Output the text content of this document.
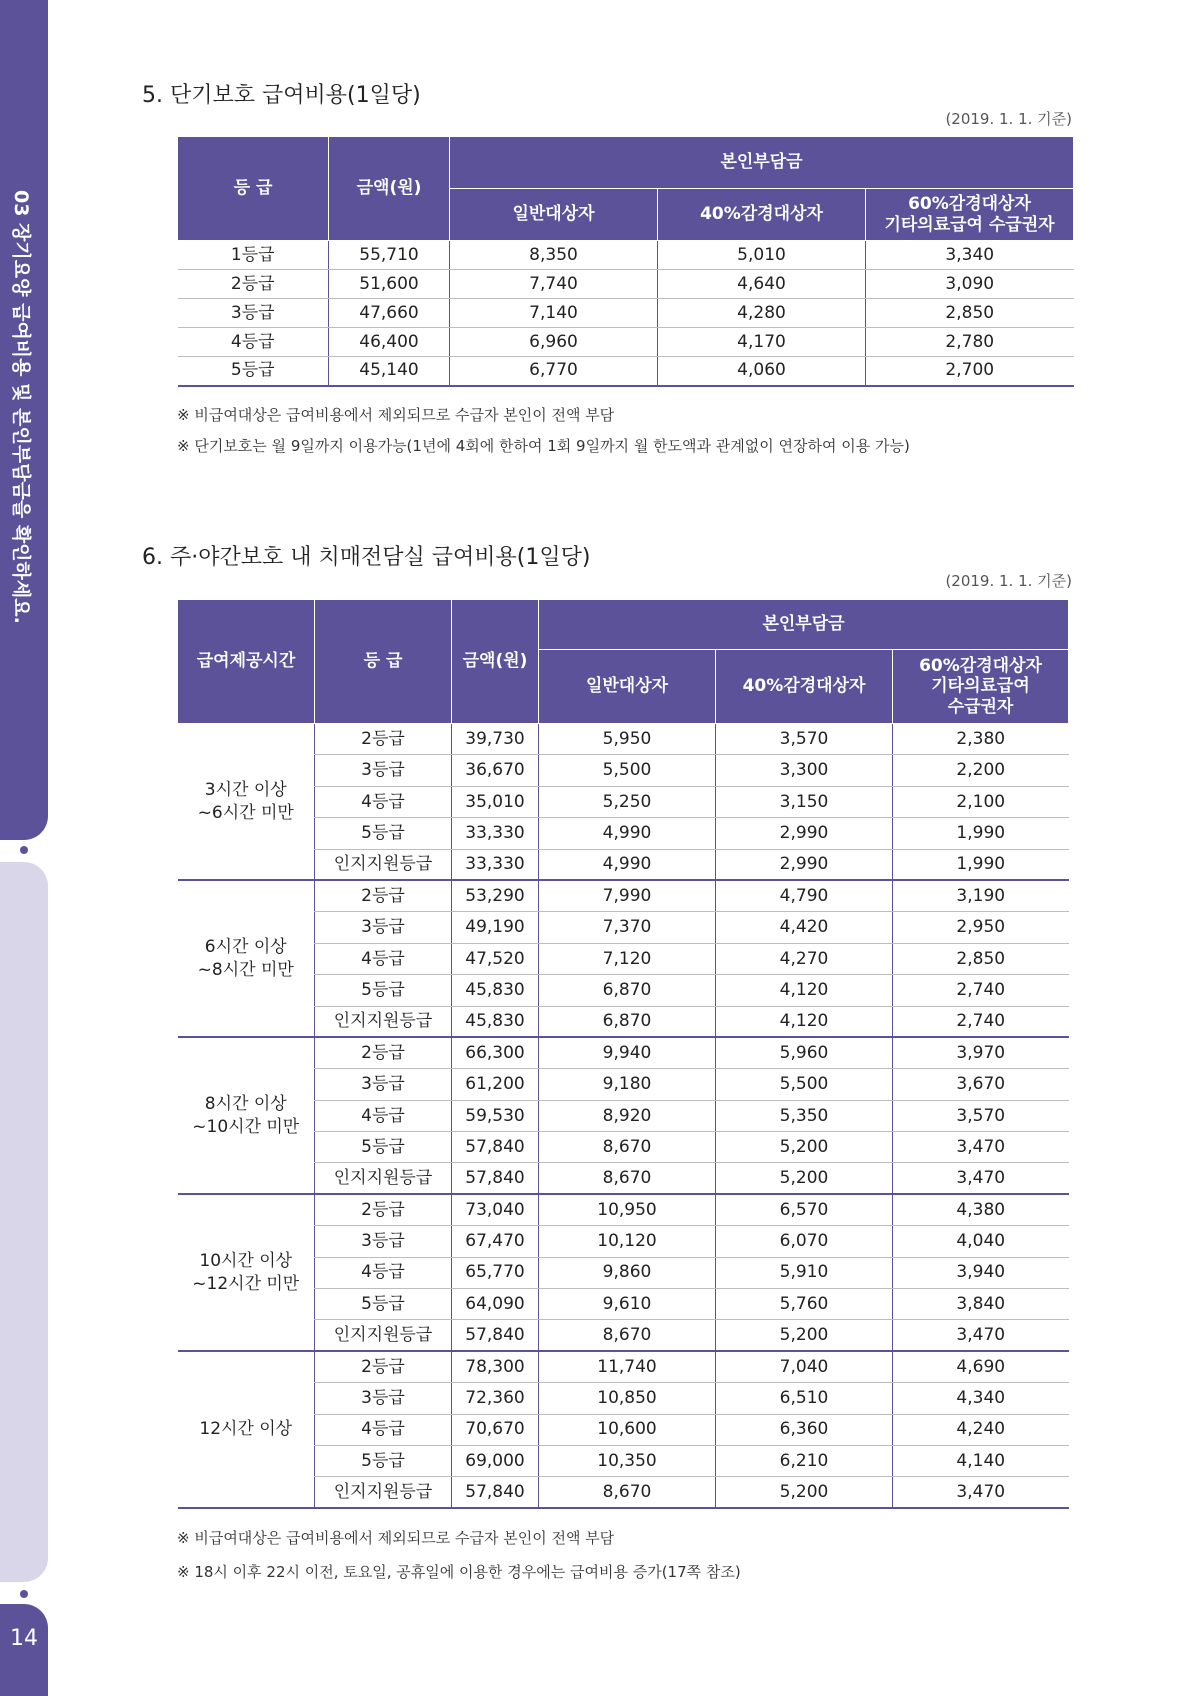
03 장기요양 급여비용 및 본인부담금을 확인하세요.
14
5. 단기보호 급여비용(1일당)
(2019. 1. 1. 기준)
등 급	금액(원)	본인부담금		
		일반대상자	40%감경대상자	60%감경대상자
기타의료급여 수급권자
1등급	55,710	8,350	5,010	3,340
2등급	51,600	7,740	4,640	3,090
3등급	47,660	7,140	4,280	2,850
4등급	46,400	6,960	4,170	2,780
5등급	45,140	6,770	4,060	2,700
※ 비급여대상은 급여비용에서 제외되므로 수급자 본인이 전액 부담
※ 단기보호는 월 9일까지 이용가능(1년에 4회에 한하여 1회 9일까지 월 한도액과 관계없이 연장하여 이용 가능)
6. 주·야간보호 내 치매전담실 급여비용(1일당)
(2019. 1. 1. 기준)
급여제공시간	등 급	금액(원)	본인부담금		
			일반대상자	40%감경대상자	60%감경대상자
기타의료급여
수급권자
3시간 이상
~6시간 미만	2등급	39,730	5,950	3,570	2,380
	3등급	36,670	5,500	3,300	2,200
	4등급	35,010	5,250	3,150	2,100
	5등급	33,330	4,990	2,990	1,990
	인지지원등급	33,330	4,990	2,990	1,990
6시간 이상
~8시간 미만	2등급	53,290	7,990	4,790	3,190
	3등급	49,190	7,370	4,420	2,950
	4등급	47,520	7,120	4,270	2,850
	5등급	45,830	6,870	4,120	2,740
	인지지원등급	45,830	6,870	4,120	2,740
8시간 이상
~10시간 미만	2등급	66,300	9,940	5,960	3,970
	3등급	61,200	9,180	5,500	3,670
	4등급	59,530	8,920	5,350	3,570
	5등급	57,840	8,670	5,200	3,470
	인지지원등급	57,840	8,670	5,200	3,470
10시간 이상
~12시간 미만	2등급	73,040	10,950	6,570	4,380
	3등급	67,470	10,120	6,070	4,040
	4등급	65,770	9,860	5,910	3,940
	5등급	64,090	9,610	5,760	3,840
	인지지원등급	57,840	8,670	5,200	3,470
12시간 이상	2등급	78,300	11,740	7,040	4,690
	3등급	72,360	10,850	6,510	4,340
	4등급	70,670	10,600	6,360	4,240
	5등급	69,000	10,350	6,210	4,140
	인지지원등급	57,840	8,670	5,200	3,470
※ 비급여대상은 급여비용에서 제외되므로 수급자 본인이 전액 부담
※ 18시 이후 22시 이전, 토요일, 공휴일에 이용한 경우에는 급여비용 증가(17쪽 참조)
